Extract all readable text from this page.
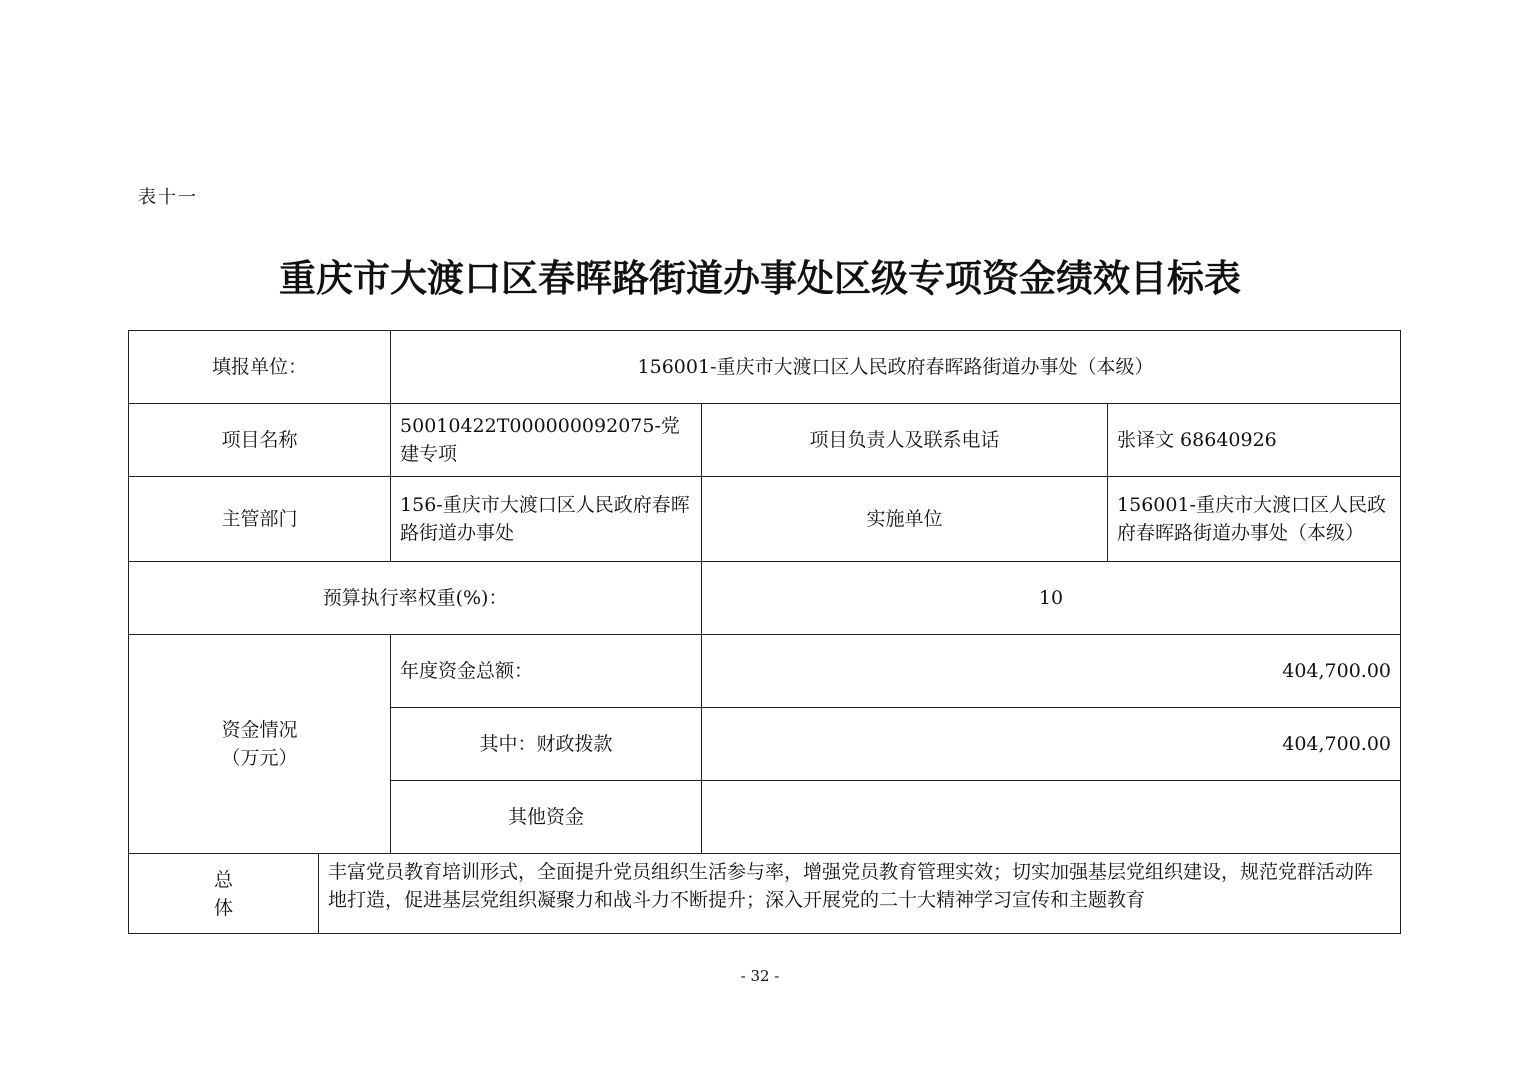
表十一
重庆市大渡口区春晖路街道办事处区级专项资金绩效目标表
填报单位：		156001-重庆市大渡口区人民政府春晖路街道办事处（本级）		
项目名称		50010422T000000092075-党建专项	项目负责人及联系电话	张译文 68640926
主管部门		156-重庆市大渡口区人民政府春晖路街道办事处	实施单位	156001-重庆市大渡口区人民政府春晖路街道办事处（本级）
预算执行率权重(%)：			10	

资金情况
（万元）		年度资金总额：	404,700.00	
		其中：财政拨款	404,700.00	
		其他资金		

总
体	丰富党员教育培训形式，全面提升党员组织生活参与率，增强党员教育管理实效；切实加强基层党组织建设，规范党群活动阵地打造，促进基层党组织凝聚力和战斗力不断提升；深入开展党的二十大精神学习宣传和主题教育			
- 32 -
